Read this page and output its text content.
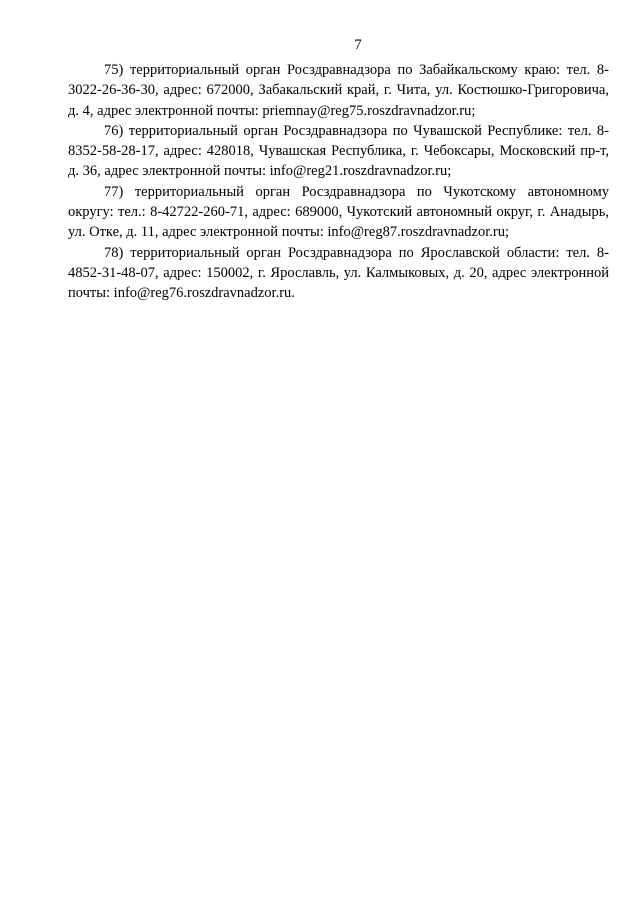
7

75) территориальный орган Росздравнадзора по Забайкальскому краю: тел. 8-3022-26-36-30, адрес: 672000, Забакальский край, г. Чита, ул. Костюшко-Григоровича, д. 4, адрес электронной почты: priemnay@reg75.roszdravnadzor.ru;

76) территориальный орган Росздравнадзора по Чувашской Республике: тел. 8-8352-58-28-17, адрес: 428018, Чувашская Республика, г. Чебоксары, Московский пр-т, д. 36, адрес электронной почты: info@reg21.roszdravnadzor.ru;

77) территориальный орган Росздравнадзора по Чукотскому автономному округу: тел.: 8-42722-260-71, адрес: 689000, Чукотский автономный округ, г. Анадырь, ул. Отке, д. 11, адрес электронной почты: info@reg87.roszdravnadzor.ru;

78) территориальный орган Росздравнадзора по Ярославской области: тел. 8-4852-31-48-07, адрес: 150002, г. Ярославль, ул. Калмыковых, д. 20, адрес электронной почты: info@reg76.roszdravnadzor.ru.
